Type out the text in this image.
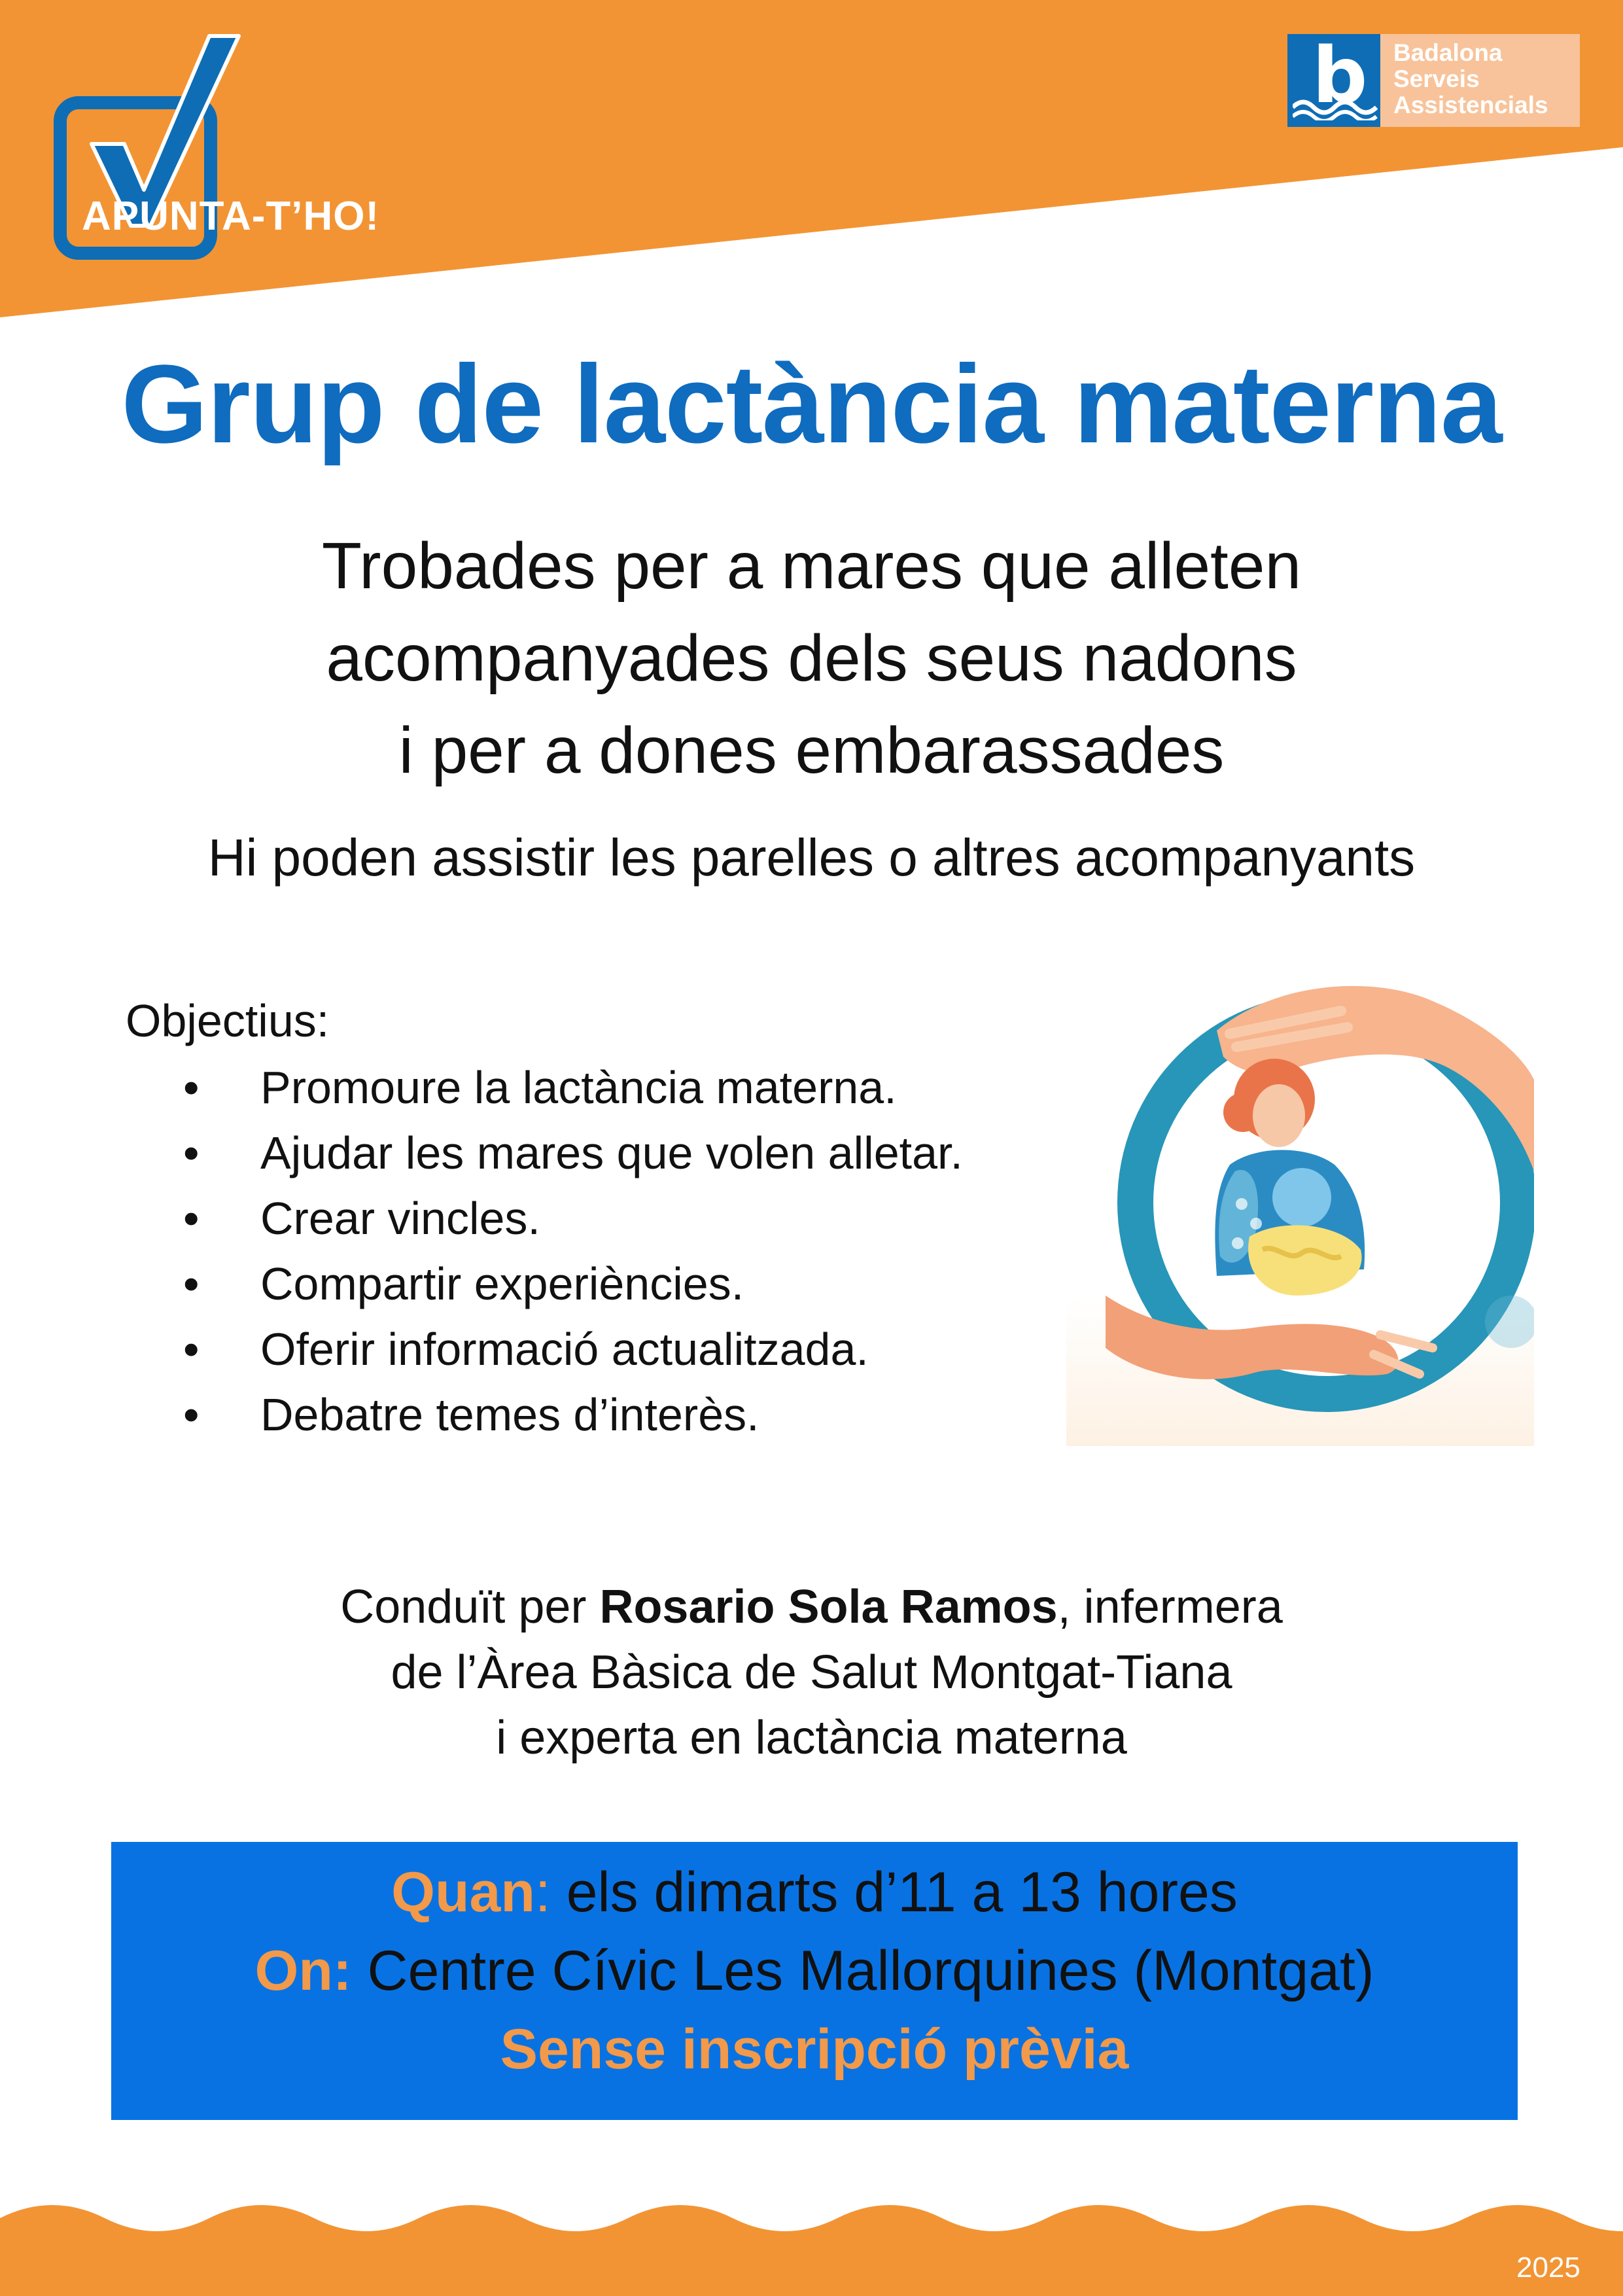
APUNTA-T’HO!
b Badalona
Serveis
Assistencials
Grup de lactància materna
Trobades per a mares que alleten
acompanyades dels seus nadons
i per a dones embarassades
Hi poden assistir les parelles o altres acompanyants
Objectius:
• Promoure la lactància materna.
• Ajudar les mares que volen alletar.
• Crear vincles.
• Compartir experiències.
• Oferir informació actualitzada.
• Debatre temes d’interès.
Conduït per Rosario Sola Ramos, infermera
de l’Àrea Bàsica de Salut Montgat-Tiana
i experta en lactància materna
Quan: els dimarts d’11 a 13 hores
On: Centre Cívic Les Mallorquines (Montgat)
Sense inscripció prèvia
2025
